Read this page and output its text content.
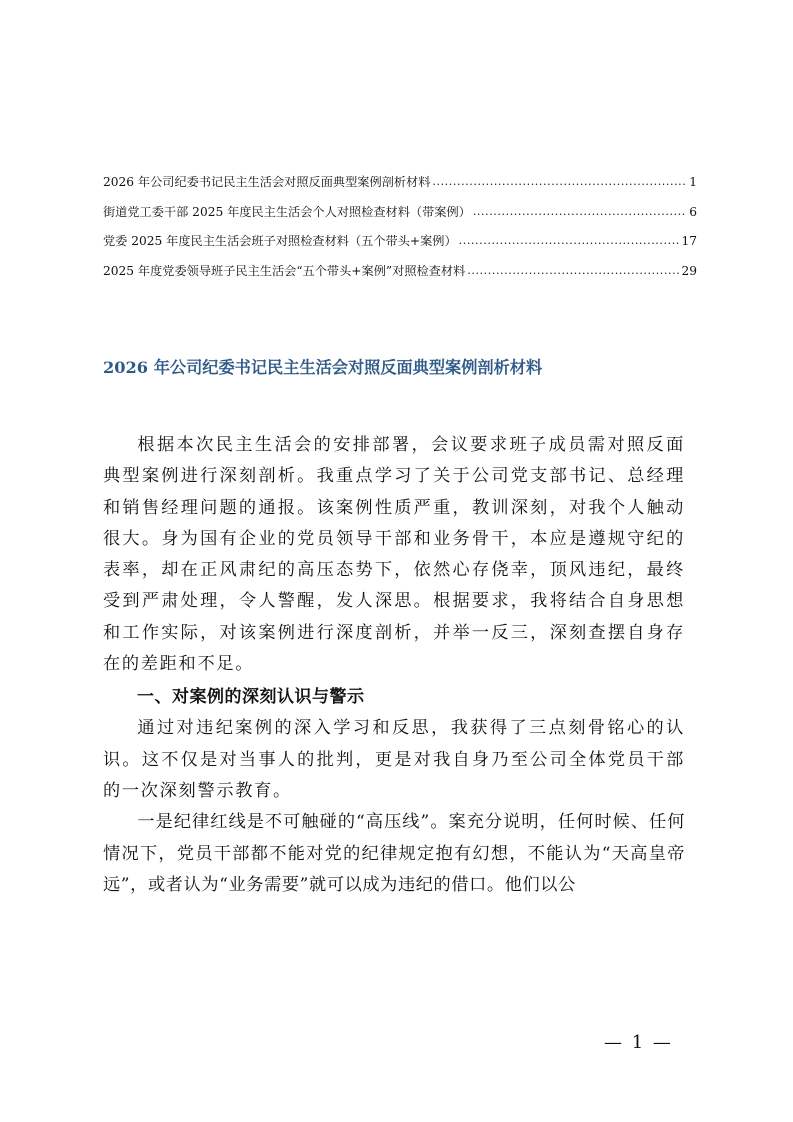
2026 年公司纪委书记民主生活会对照反面典型案例剖析材料 .....	1
街道党工委干部 2025 年度民主生活会个人对照检查材料（带案例） .....	6
党委 2025 年度民主生活会班子对照检查材料（五个带头+案例） .....	17
2025 年度党委领导班子民主生活会“五个带头+案例”对照检查材料 .....	29
2026 年公司纪委书记民主生活会对照反面典型案例剖析材料

根据本次民主生活会的安排部署，会议要求班子成员需对照反面典型案例进行深刻剖析。我重点学习了关于公司党支部书记、总经理和销售经理问题的通报。该案例性质严重，教训深刻，对我个人触动很大。身为国有企业的党员领导干部和业务骨干，本应是遵规守纪的表率，却在正风肃纪的高压态势下，依然心存侥幸，顶风违纪，最终受到严肃处理，令人警醒，发人深思。根据要求，我将结合自身思想和工作实际，对该案例进行深度剖析，并举一反三，深刻查摆自身存在的差距和不足。

一、对案例的深刻认识与警示

通过对违纪案例的深入学习和反思，我获得了三点刻骨铭心的认识。这不仅是对当事人的批判，更是对我自身乃至公司全体党员干部的一次深刻警示教育。

一是纪律红线是不可触碰的“高压线”。案充分说明，任何时候、任何情况下，党员干部都不能对党的纪律规定抱有幻想，不能认为“天高皇帝远”，或者认为“业务需要”就可以成为违纪的借口。他们以公

— 1 —
